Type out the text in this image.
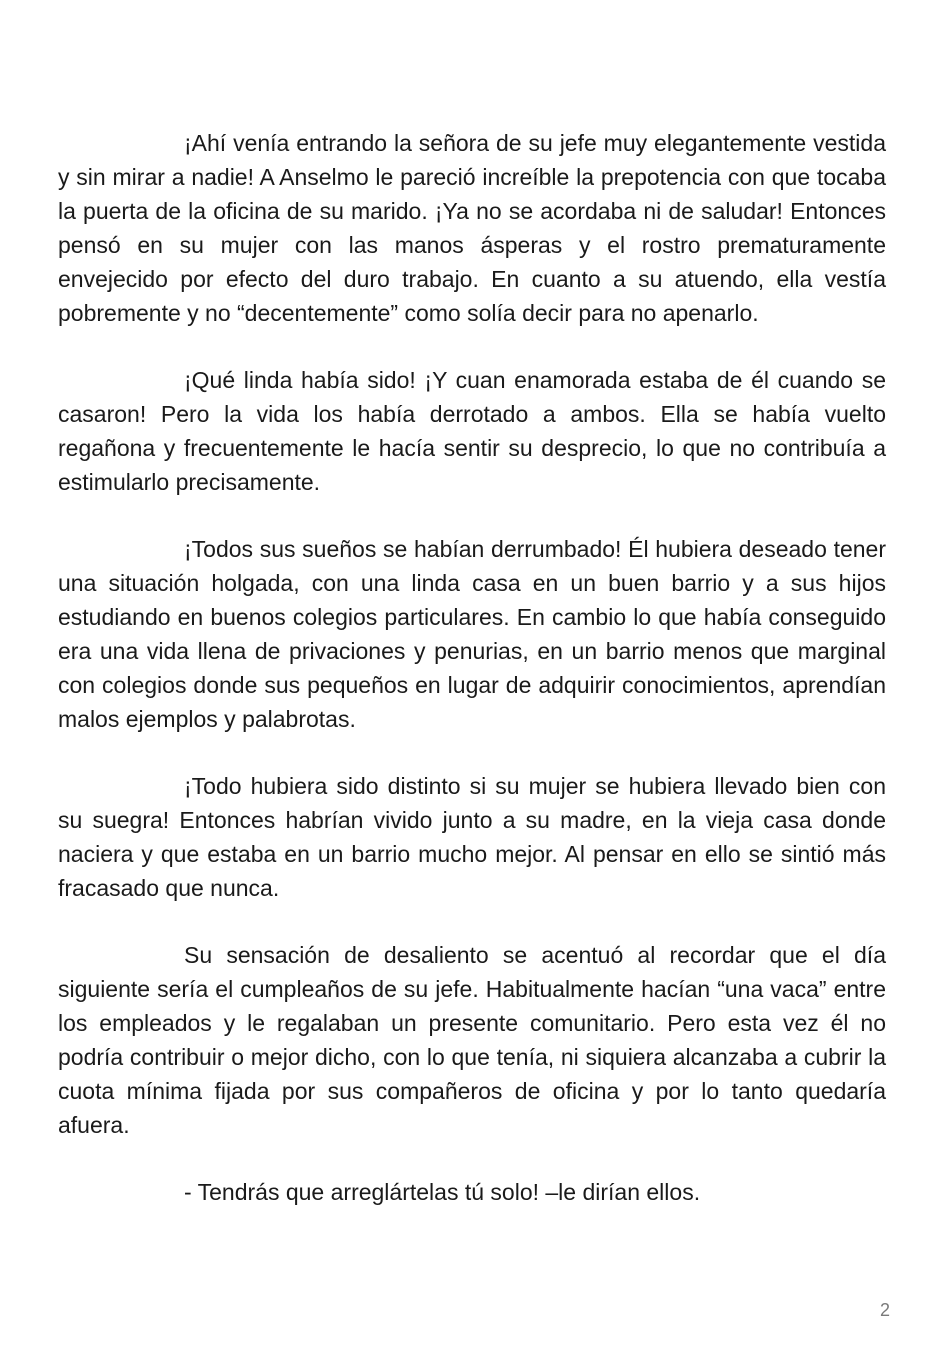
¡Ahí venía entrando la señora de su jefe muy elegantemente vestida y sin mirar a nadie! A Anselmo le pareció increíble la prepotencia con que tocaba la puerta de la oficina de su marido. ¡Ya no se acordaba ni de saludar! Entonces pensó en su mujer con las manos ásperas y el rostro prematuramente envejecido por efecto del duro trabajo. En cuanto a su atuendo, ella vestía pobremente y no “decentemente” como solía decir para no apenarlo.

¡Qué linda había sido! ¡Y cuan enamorada estaba de él cuando se casaron! Pero la vida los había derrotado a ambos. Ella se había vuelto regañona y frecuentemente le hacía sentir su desprecio, lo que no contribuía a estimularlo precisamente.

¡Todos sus sueños se habían derrumbado! Él hubiera deseado tener una situación holgada, con una linda casa en un buen barrio y a sus hijos estudiando en buenos colegios particulares. En cambio lo que había conseguido era una vida llena de privaciones y penurias, en un barrio menos que marginal con colegios donde sus pequeños en lugar de adquirir conocimientos, aprendían malos ejemplos y palabrotas.

¡Todo hubiera sido distinto si su mujer se hubiera llevado bien con su suegra! Entonces habrían vivido junto a su madre, en la vieja casa donde naciera y que estaba en un barrio mucho mejor. Al pensar en ello se sintió más fracasado que nunca.

Su sensación de desaliento se acentuó al recordar que el día siguiente sería el cumpleaños de su jefe. Habitualmente hacían “una vaca” entre los empleados y le regalaban un presente comunitario. Pero esta vez él no podría contribuir o mejor dicho, con lo que tenía, ni siquiera alcanzaba a cubrir la cuota mínima fijada por sus compañeros de oficina y por lo tanto quedaría afuera.

- Tendrás que arreglártelas tú solo! –le dirían ellos.

2
